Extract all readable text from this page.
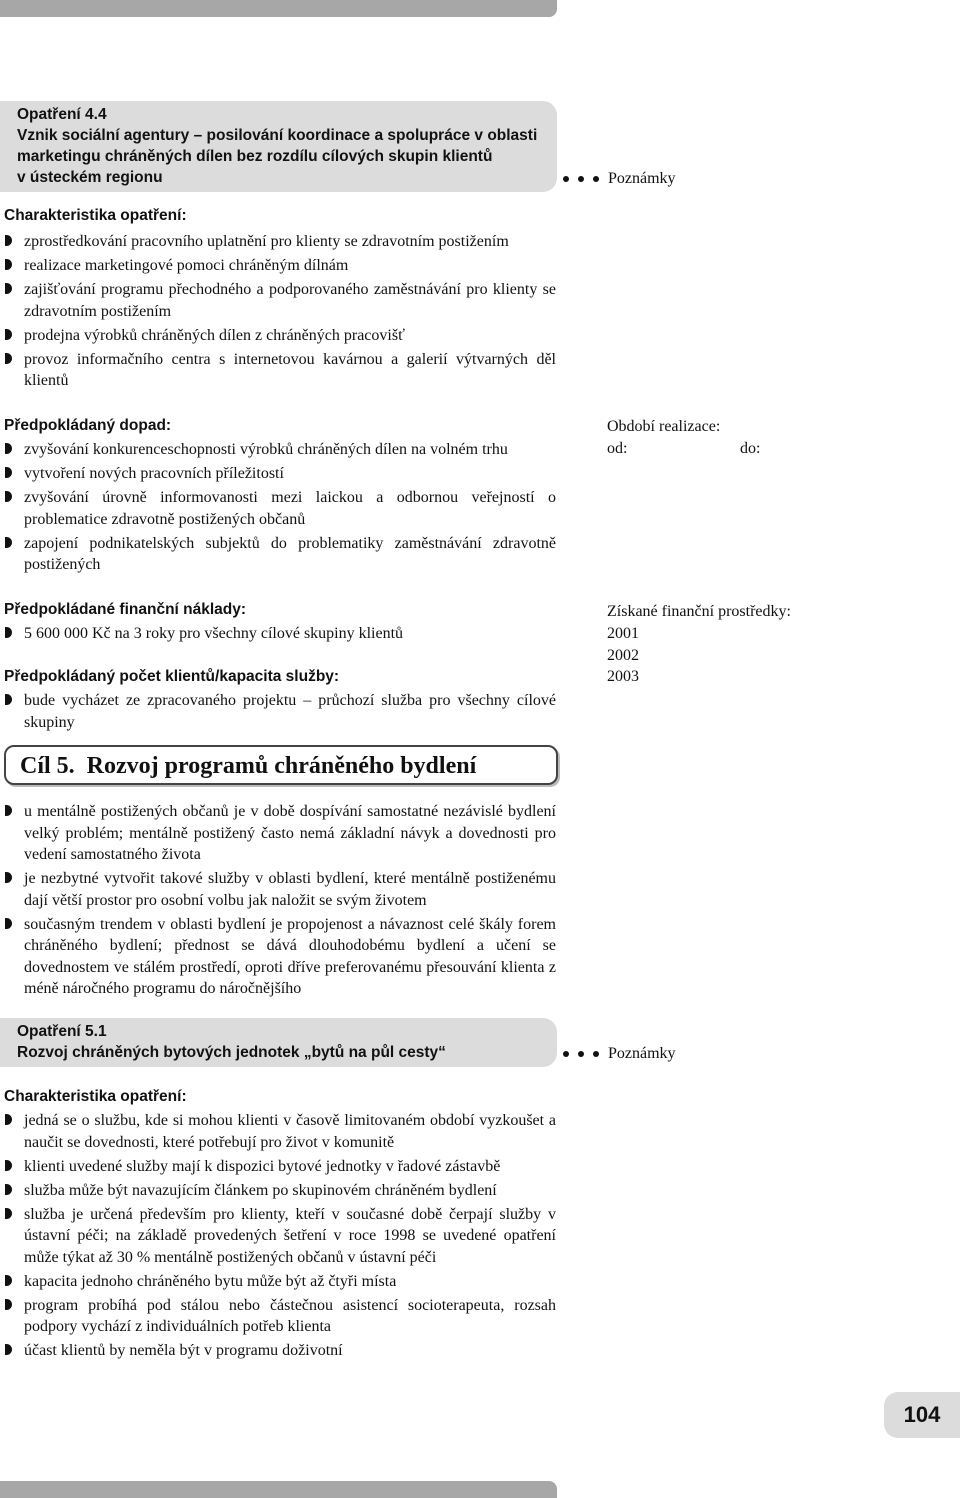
Opatření 4.4
Vznik sociální agentury – posilování koordinace a spolupráce v oblasti
marketingu chráněných dílen bez rozdílu cílových skupin klientů
v ústeckém regionu	Poznámky
Charakteristika opatření:
zprostředkování pracovního uplatnění pro klienty se zdravotním postižením
realizace marketingové pomoci chráněným dílnám
zajišťování programu přechodného a podporovaného zaměstnávání pro klienty se zdravotním postižením
prodejna výrobků chráněných dílen z chráněných pracovišť
provoz informačního centra s internetovou kavárnou a galerií výtvarných děl klientů
Předpokládaný dopad:
zvyšování konkurenceschopnosti výrobků chráněných dílen na volném trhu
vytvoření nových pracovních příležitostí
zvyšování úrovně informovanosti mezi laickou a odbornou veřejností o problematice zdravotně postižených občanů
zapojení podnikatelských subjektů do problematiky zaměstnávání zdravotně postižených
Období realizace:
od:	do:
Předpokládané finanční náklady:
5 600 000 Kč na 3 roky pro všechny cílové skupiny klientů
Získané finanční prostředky:
2001
2002
2003
Předpokládaný počet klientů/kapacita služby:
bude vycházet ze zpracovaného projektu – průchozí služba pro všechny cílové skupiny
Cíl 5. Rozvoj programů chráněného bydlení
u mentálně postižených občanů je v době dospívání samostatné nezávislé bydlení velký problém; mentálně postižený často nemá základní návyk a dovednosti pro vedení samostatného života
je nezbytné vytvořit takové služby v oblasti bydlení, které mentálně postiženému dají větší prostor pro osobní volbu jak naložit se svým životem
současným trendem v oblasti bydlení je propojenost a návaznost celé škály forem chráněného bydlení; přednost se dává dlouhodobému bydlení a učení se dovednostem ve stálém prostředí, oproti dříve preferovanému přesouvání klienta z méně náročného programu do náročnějšího
Opatření 5.1
Rozvoj chráněných bytových jednotek „bytů na půl cesty“	Poznámky
Charakteristika opatření:
jedná se o službu, kde si mohou klienti v časově limitovaném období vyzkoušet a naučit se dovednosti, které potřebují pro život v komunitě
klienti uvedené služby mají k dispozici bytové jednotky v řadové zástavbě
služba může být navazujícím článkem po skupinovém chráněném bydlení
služba je určená především pro klienty, kteří v současné době čerpají služby v ústavní péči; na základě provedených šetření v roce 1998 se uvedené opatření může týkat až 30 % mentálně postižených občanů v ústavní péči
kapacita jednoho chráněného bytu může být až čtyři místa
program probíhá pod stálou nebo částečnou asistencí socioterapeuta, rozsah podpory vychází z individuálních potřeb klienta
účast klientů by neměla být v programu doživotní
104
